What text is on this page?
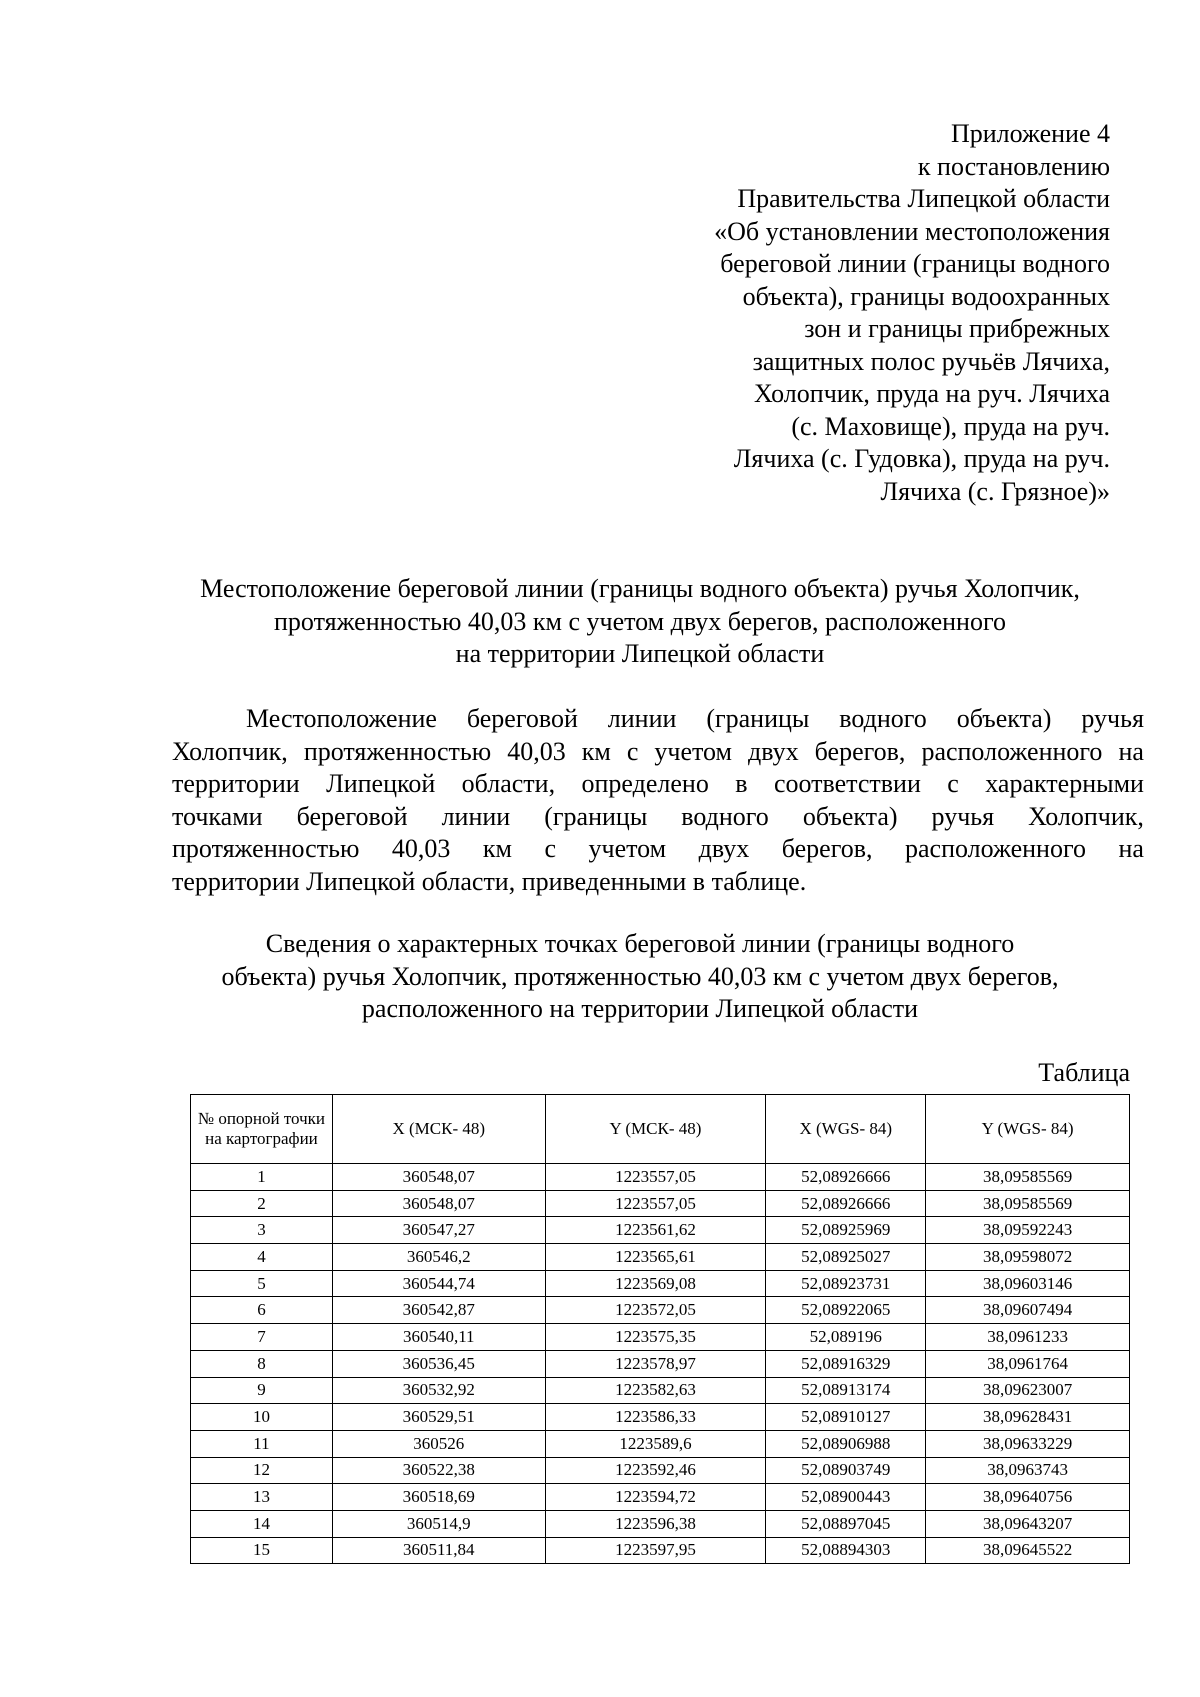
Приложение 4
к постановлению
Правительства Липецкой области
«Об установлении местоположения
береговой линии (границы водного
объекта), границы водоохранных
зон и границы прибрежных
защитных полос ручьёв Лячиха,
Холопчик, пруда на руч. Лячиха
(с. Маховище), пруда на руч.
Лячиха (с. Гудовка), пруда на руч.
Лячиха (с. Грязное)»
Местоположение береговой линии (границы водного объекта) ручья Холопчик,
протяженностью 40,03 км с учетом двух берегов, расположенного
на территории Липецкой области
Местоположение береговой линии (границы водного объекта) ручья
Холопчик, протяженностью 40,03 км с учетом двух берегов, расположенного на
территории Липецкой области, определено в соответствии с характерными
точками береговой линии (границы водного объекта) ручья Холопчик,
протяженностью 40,03 км с учетом двух берегов, расположенного на
территории Липецкой области, приведенными в таблице.
Сведения о характерных точках береговой линии (границы водного
объекта) ручья Холопчик, протяженностью 40,03 км с учетом двух берегов,
расположенного на территории Липецкой области
Таблица
№ опорной точки на картографии	X (МСК- 48)	Y (МСК- 48)	X (WGS- 84)	Y (WGS- 84)
1	360548,07	1223557,05	52,08926666	38,09585569
2	360548,07	1223557,05	52,08926666	38,09585569
3	360547,27	1223561,62	52,08925969	38,09592243
4	360546,2	1223565,61	52,08925027	38,09598072
5	360544,74	1223569,08	52,08923731	38,09603146
6	360542,87	1223572,05	52,08922065	38,09607494
7	360540,11	1223575,35	52,089196	38,0961233
8	360536,45	1223578,97	52,08916329	38,0961764
9	360532,92	1223582,63	52,08913174	38,09623007
10	360529,51	1223586,33	52,08910127	38,09628431
11	360526	1223589,6	52,08906988	38,09633229
12	360522,38	1223592,46	52,08903749	38,0963743
13	360518,69	1223594,72	52,08900443	38,09640756
14	360514,9	1223596,38	52,08897045	38,09643207
15	360511,84	1223597,95	52,08894303	38,09645522
